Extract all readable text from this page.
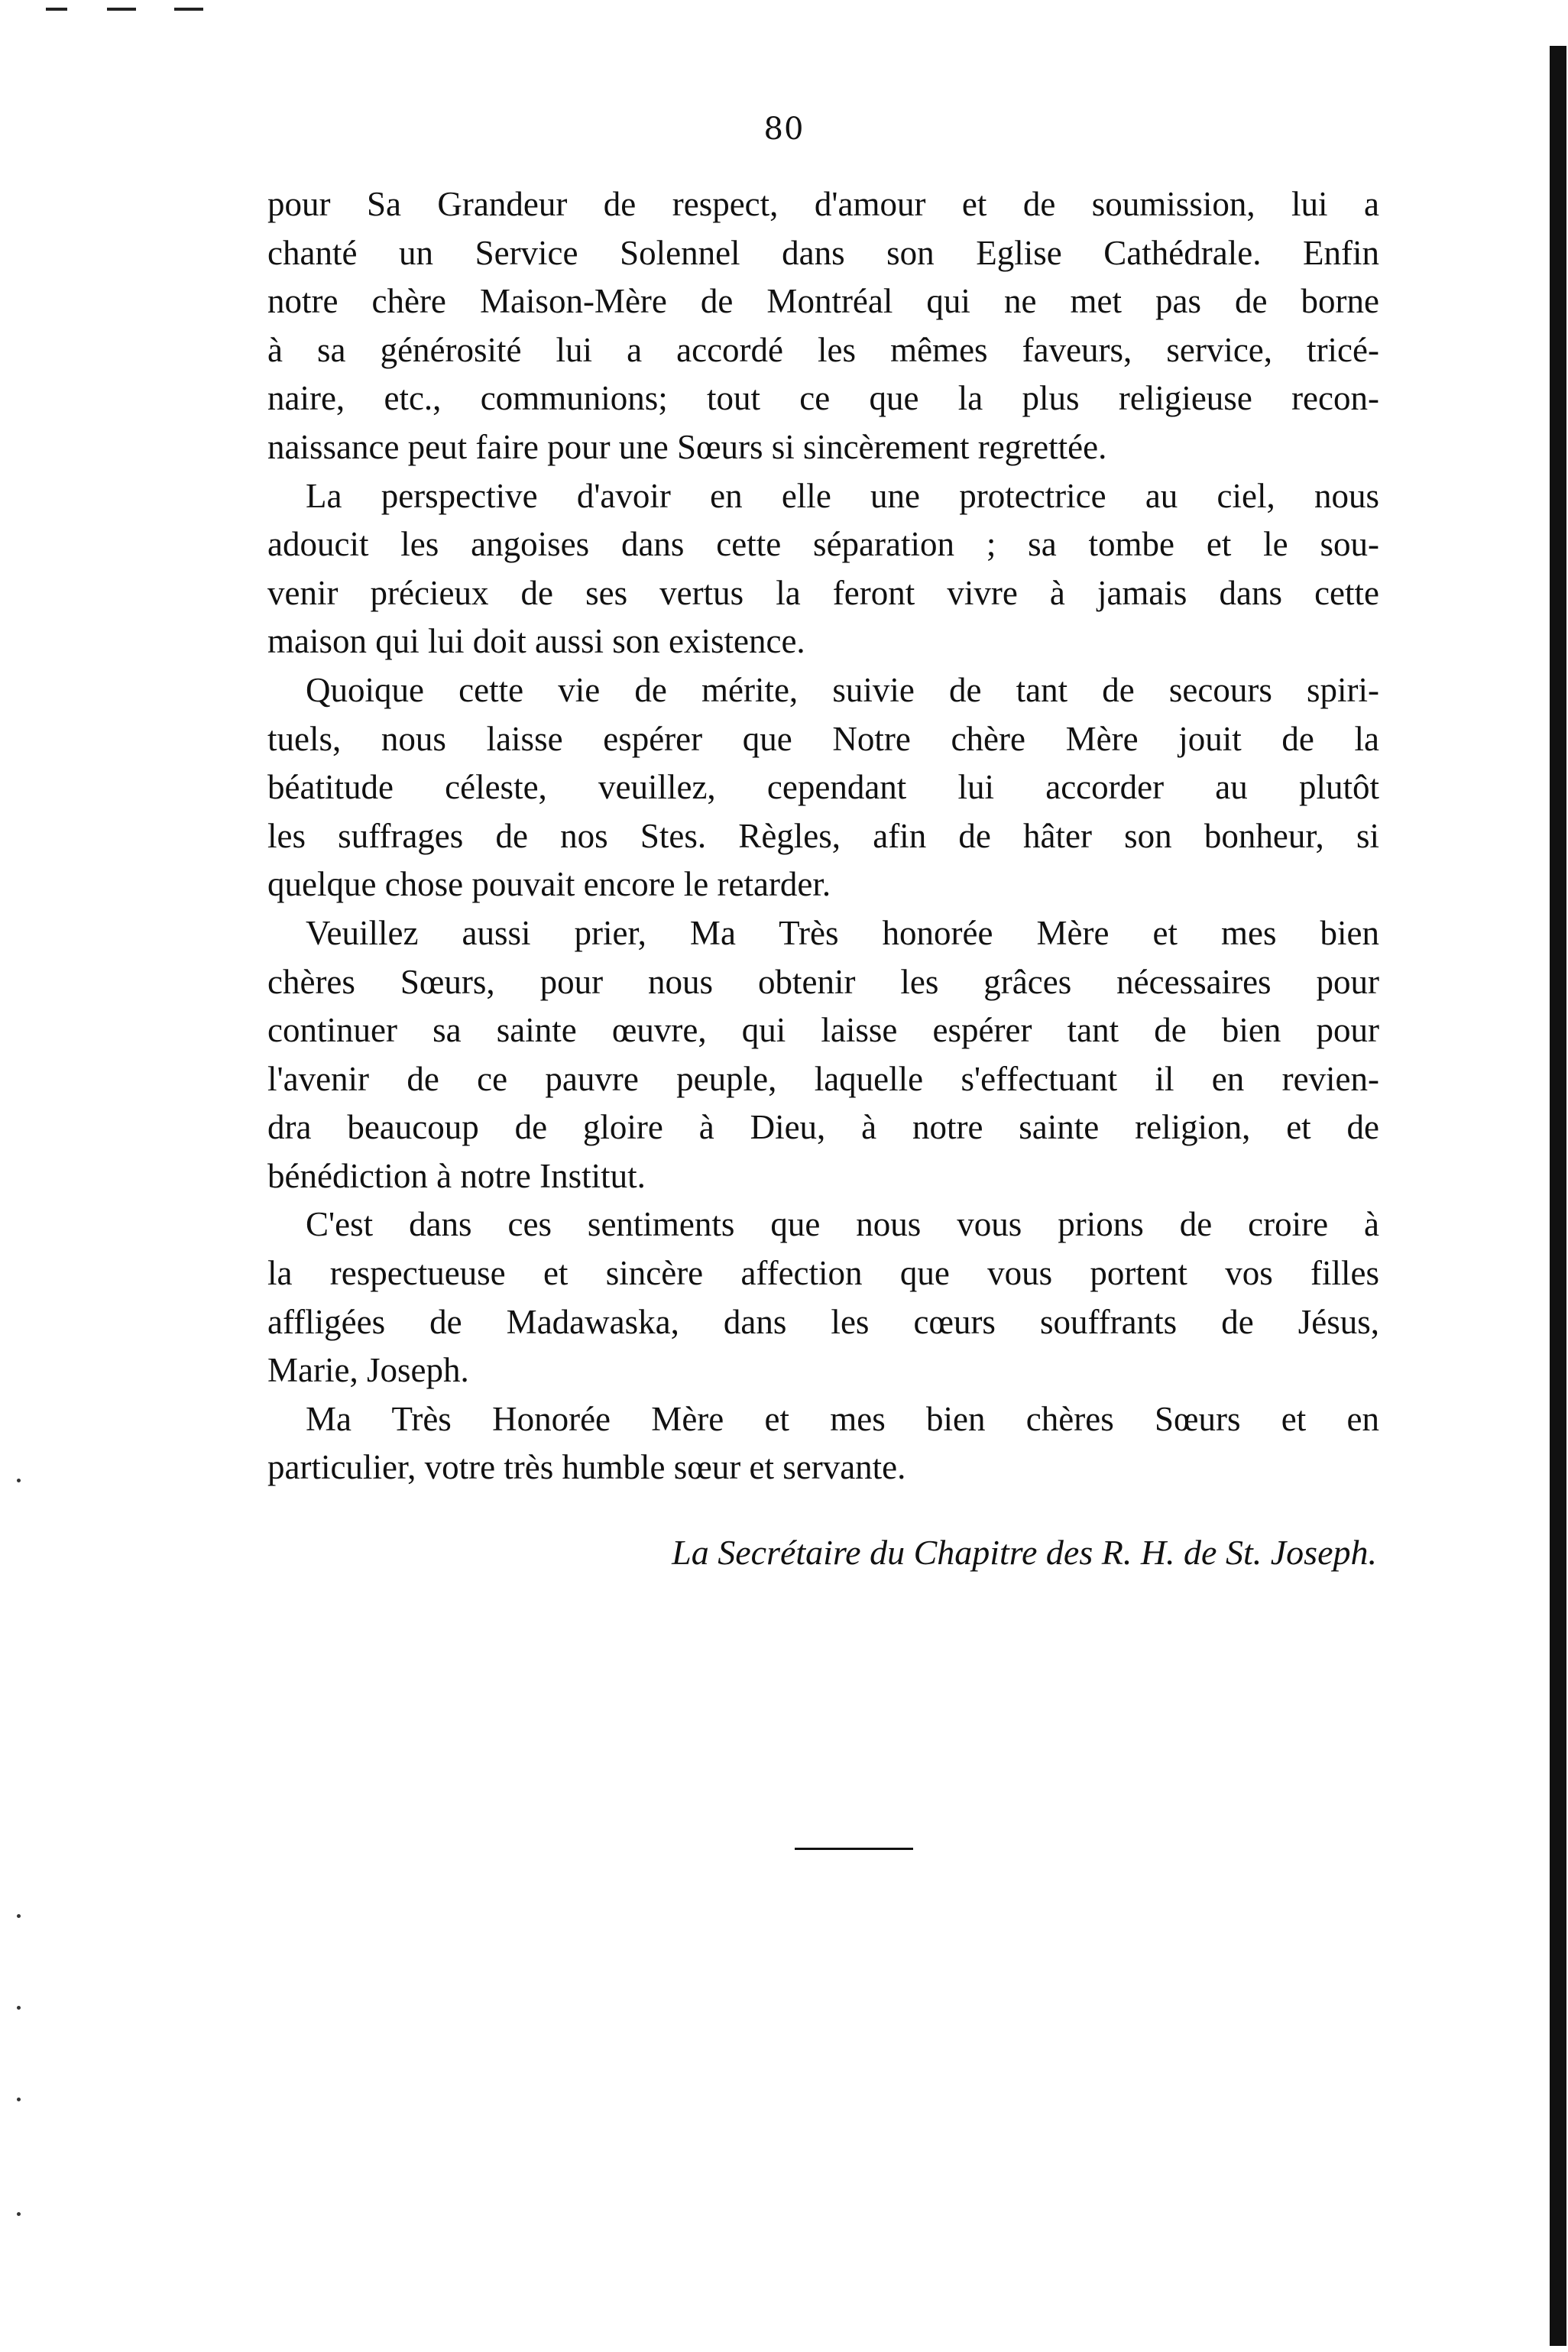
80
pour Sa Grandeur de respect, d'amour et de soumission, lui a
chanté un Service Solennel dans son Eglise Cathédrale. Enfin
notre chère Maison-Mère de Montréal qui ne met pas de borne
à sa générosité lui a accordé les mêmes faveurs, service, tricé-
naire, etc., communions; tout ce que la plus religieuse recon-
naissance peut faire pour une Sœurs si sincèrement regrettée.
La perspective d'avoir en elle une protectrice au ciel, nous
adoucit les angoises dans cette séparation ; sa tombe et le sou-
venir précieux de ses vertus la feront vivre à jamais dans cette
maison qui lui doit aussi son existence.
Quoique cette vie de mérite, suivie de tant de secours spiri-
tuels, nous laisse espérer que Notre chère Mère jouit de la
béatitude céleste, veuillez, cependant lui accorder au plutôt
les suffrages de nos Stes. Règles, afin de hâter son bonheur, si
quelque chose pouvait encore le retarder.
Veuillez aussi prier, Ma Très honorée Mère et mes bien
chères Sœurs, pour nous obtenir les grâces nécessaires pour
continuer sa sainte œuvre, qui laisse espérer tant de bien pour
l'avenir de ce pauvre peuple, laquelle s'effectuant il en revien-
dra beaucoup de gloire à Dieu, à notre sainte religion, et de
bénédiction à notre Institut.
C'est dans ces sentiments que nous vous prions de croire à
la respectueuse et sincère affection que vous portent vos filles
affligées de Madawaska, dans les cœurs souffrants de Jésus,
Marie, Joseph.
Ma Très Honorée Mère et mes bien chères Sœurs et en
particulier, votre très humble sœur et servante.
La Secrétaire du Chapitre des R. H. de St. Joseph.
